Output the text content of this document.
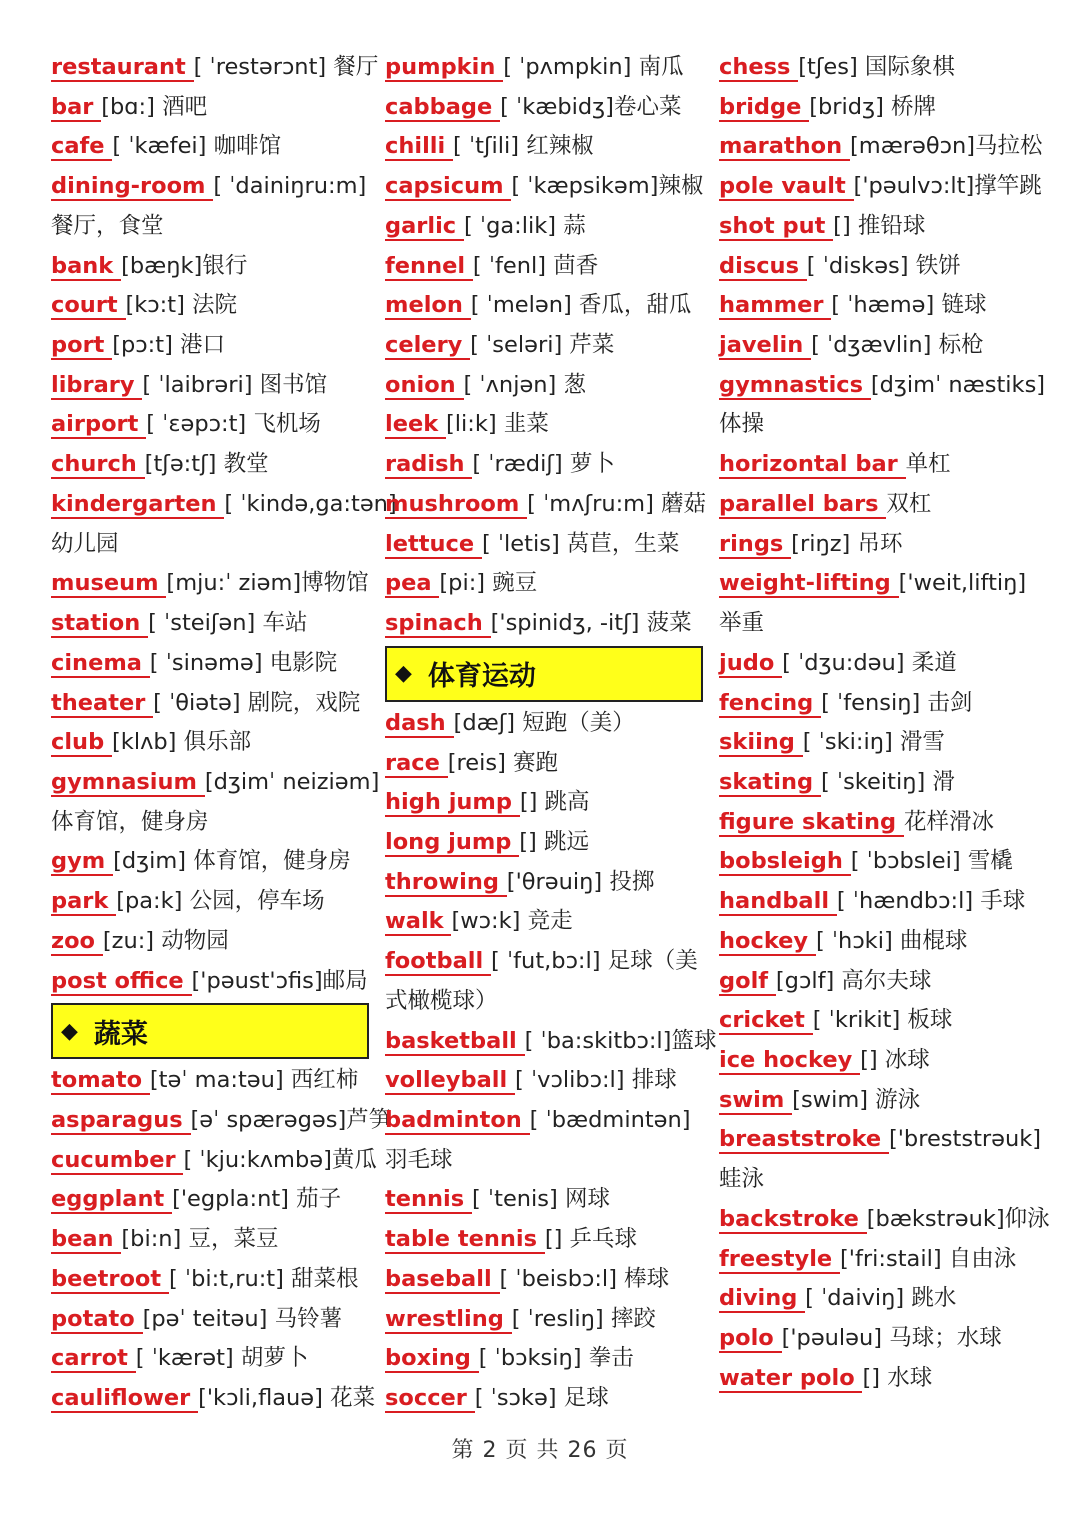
restaurant [ ˈrestərɔnt] 餐厅
bar [bɑ:] 酒吧
cafe [ ˈkæfei] 咖啡馆
dining-room [ ˈdainiŋru:m]
餐厅，食堂
bank [bæŋk]银行
court [kɔ:t] 法院
port [pɔ:t] 港口
library [ ˈlaibrəri] 图书馆
airport [ ˈɛəpɔ:t] 飞机场
church [tʃə:tʃ] 教堂
kindergarten [ ˈkində,ga:tən]
幼儿园
museum [mju:ˈ ziəm]博物馆
station [ ˈsteiʃən] 车站
cinema [ ˈsinəmə] 电影院
theater [ ˈθiətə] 剧院，戏院
club [klʌb] 俱乐部
gymnasium [dʒimˈ neiziəm]
体育馆，健身房
gym [dʒim] 体育馆，健身房
park [pa:k] 公园，停车场
zoo [zu:] 动物园
post office ['pəust'ɔfis]邮局
◆ 蔬菜
tomato [təˈ ma:təu] 西红柿
asparagus [əˈ spærəgəs]芦笋
cucumber [ ˈkju:kʌmbə]黄瓜
eggplant ['egpla:nt] 茄子
bean [bi:n] 豆，菜豆
beetroot [ ˈbi:t,ru:t] 甜菜根
potato [pəˈ teitəu] 马铃薯
carrot [ ˈkærət] 胡萝卜
cauliflower ['kɔli,flauə] 花菜
pumpkin [ ˈpʌmpkin] 南瓜
cabbage [ ˈkæbidʒ]卷心菜
chilli [ ˈtʃili] 红辣椒
capsicum [ ˈkæpsikəm]辣椒
garlic [ ˈga:lik] 蒜
fennel [ ˈfenl] 茴香
melon [ ˈmelən] 香瓜，甜瓜
celery [ ˈseləri] 芹菜
onion [ ˈʌnjən] 葱
leek [li:k] 韭菜
radish [ ˈrædiʃ] 萝卜
mushroom [ ˈmʌʃru:m] 蘑菇
lettuce [ ˈletis] 莴苣，生菜
pea [pi:] 豌豆
spinach ['spinidʒ, -itʃ] 菠菜
◆ 体育运动
dash [dæʃ] 短跑（美）
race [reis] 赛跑
high jump [] 跳高
long jump [] 跳远
throwing ['θrəuiŋ] 投掷
walk [wɔ:k] 竞走
football [ ˈfut,bɔ:l] 足球（美
式橄榄球）
basketball [ ˈba:skitbɔ:l]篮球
volleyball [ ˈvɔlibɔ:l] 排球
badminton [ ˈbædmintən]
羽毛球
tennis [ ˈtenis] 网球
table tennis [] 乒乓球
baseball [ ˈbeisbɔ:l] 棒球
wrestling [ ˈresliŋ] 摔跤
boxing [ ˈbɔksiŋ] 拳击
soccer [ ˈsɔkə] 足球
chess [tʃes] 国际象棋
bridge [bridʒ] 桥牌
marathon [mærəθɔn]马拉松
pole vault ['pəulvɔ:lt]撑竿跳
shot put [] 推铅球
discus [ ˈdiskəs] 铁饼
hammer [ ˈhæmə] 链球
javelin [ ˈdʒævlin] 标枪
gymnastics [dʒimˈ næstiks]
体操
horizontal bar 单杠
parallel bars 双杠
rings [riŋz] 吊环
weight-lifting ['weit,liftiŋ]
举重
judo [ ˈdʒu:dəu] 柔道
fencing [ ˈfensiŋ] 击剑
skiing [ ˈski:iŋ] 滑雪
skating [ ˈskeitiŋ] 滑
figure skating 花样滑冰
bobsleigh [ ˈbɔbslei] 雪橇
handball [ ˈhændbɔ:l] 手球
hockey [ ˈhɔki] 曲棍球
golf [gɔlf] 高尔夫球
cricket [ ˈkrikit] 板球
ice hockey [] 冰球
swim [swim] 游泳
breaststroke ['breststrəuk]
蛙泳
backstroke [bækstrəuk]仰泳
freestyle ['fri:stail] 自由泳
diving [ ˈdaiviŋ] 跳水
polo ['pəuləu] 马球；水球
water polo [] 水球
第 2 页 共 26 页
